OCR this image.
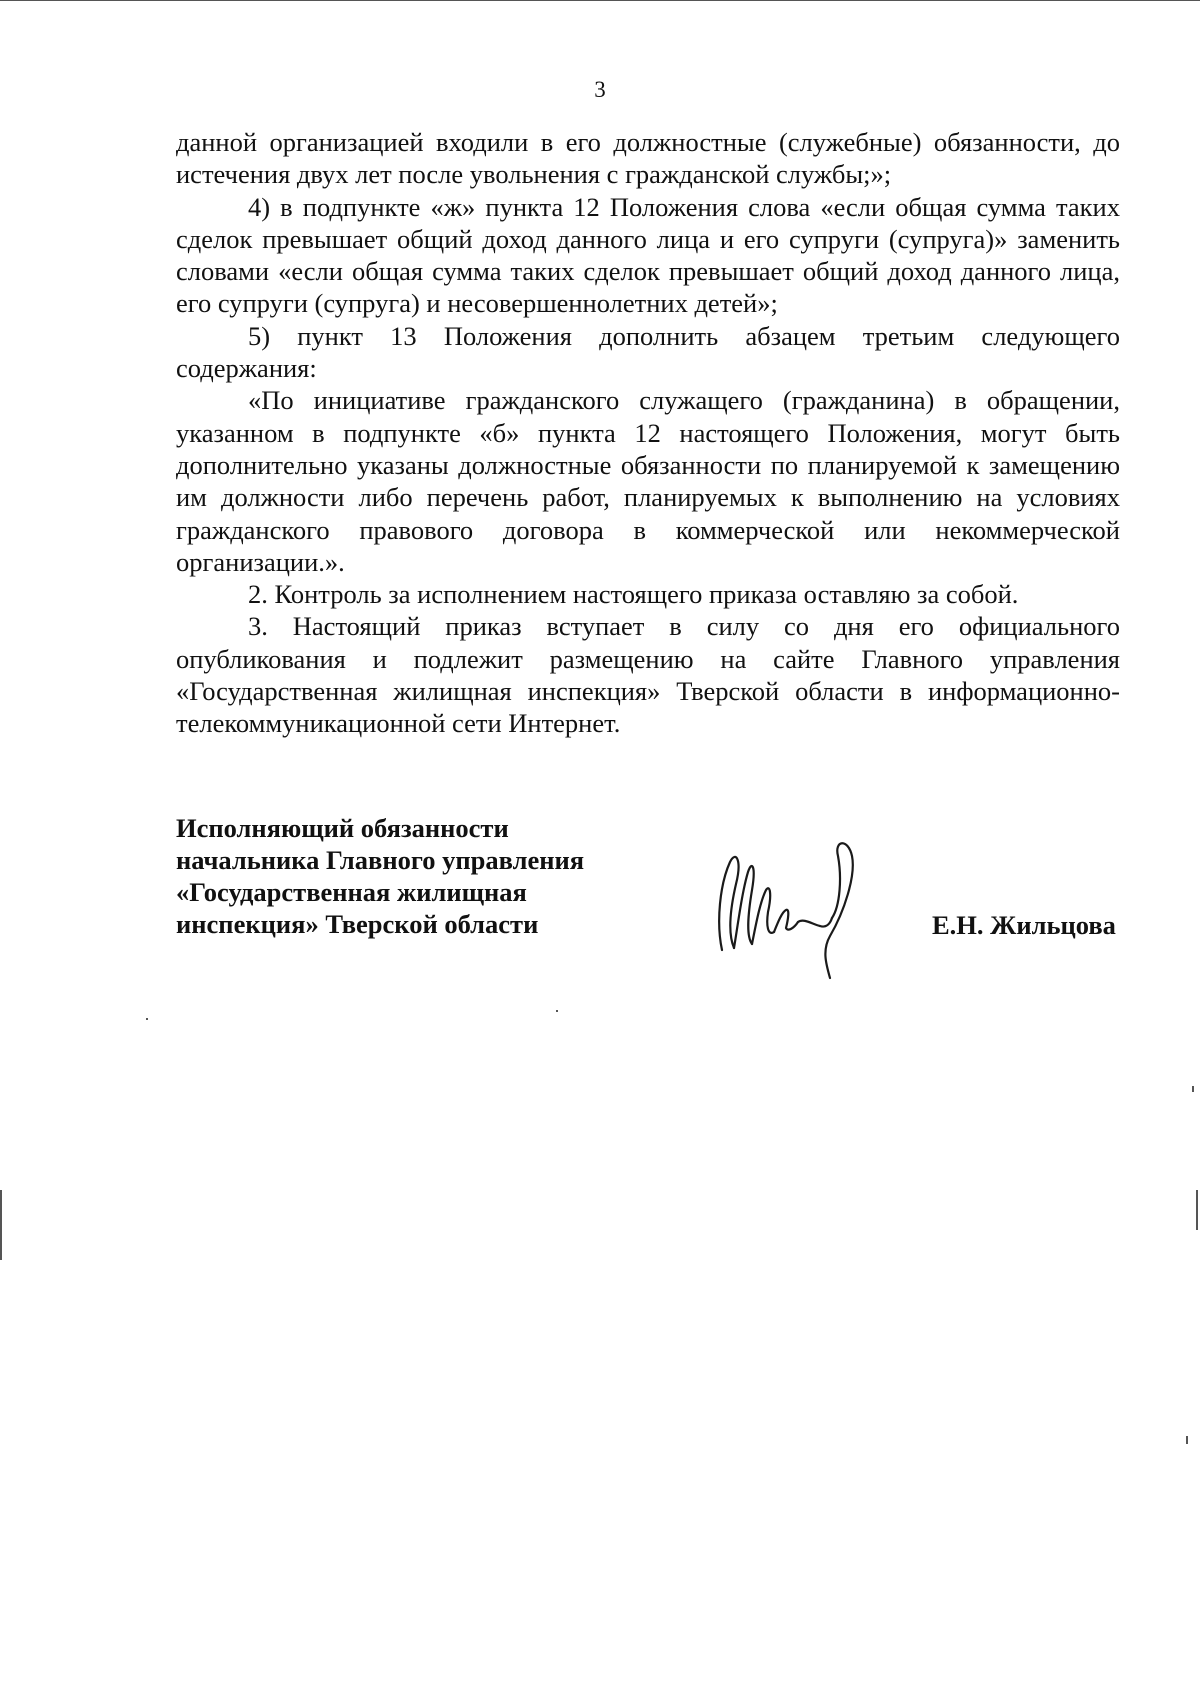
3

данной организацией входили в его должностные (служебные) обязанности, до истечения двух лет после увольнения с гражданской службы;»;

4) в подпункте «ж» пункта 12 Положения слова «если общая сумма таких сделок превышает общий доход данного лица и его супруги (супруга)» заменить словами «если общая сумма таких сделок превышает общий доход данного лица, его супруги (супруга) и несовершеннолетних детей»;

5) пункт 13 Положения дополнить абзацем третьим следующего содержания:

«По инициативе гражданского служащего (гражданина) в обращении, указанном в подпункте «б» пункта 12 настоящего Положения, могут быть дополнительно указаны должностные обязанности по планируемой к замещению им должности либо перечень работ, планируемых к выполнению на условиях гражданского правового договора в коммерческой или некоммерческой организации.».

2. Контроль за исполнением настоящего приказа оставляю за собой.

3. Настоящий приказ вступает в силу со дня его официального опубликования и подлежит размещению на сайте Главного управления «Государственная жилищная инспекция» Тверской области в информационно-телекоммуникационной сети Интернет.

Исполняющий обязанности
начальника Главного управления
«Государственная жилищная
инспекция» Тверской области	Е.Н. Жильцова
